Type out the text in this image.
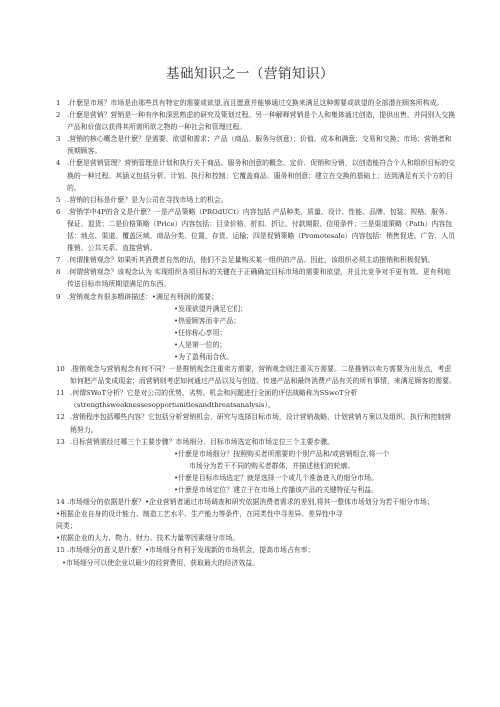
基础知识之一（营销知识）
1 .什麽是市场？市场是由那些具有特定的需要或欲望,而且愿意并能够通过交换来满足这种需要或欲望的全部潜在顾客所构成。

2 .什麽是营销？营销是一种有序和深思熟虑的研究及策划过程。另一种解释营销是个人和集体通过创造，提供出售，并同别人交换产品和价值以获得其所需所欲之物的一种社会和管理过程。

3 .营销的核心概念是什麽？是需要、欲望和需求；产品（商品、服务与创意）；价值、成本和满意；交易和交换；市场；营销者和预期顾客。

4 .什麽是营销管理？营销管理是计划和执行关于商品、服务和创意的概念、定价、促销和分销，以创造能符合个人和组织目标的交换的一种过程。其涵义包括分析、计划、执行和控制；它覆盖商品、服务和创意；建立在交换的基础上；达到满足有关个方的目的。

5 .营销的目标是什麽？是为公司在寻找市场上的机会。

6 .营销学中4P的含义是什麽？一是产品策略（PROdUCt）内容包括 产品种类、质量、设计、性能、品牌、包装、规格、服务、保证、退货；二是价格策略（Price）内容包括：目录价格、折扣、折让、付款期限、信用条件；三是渠道策略（Path）内容包括：地点、渠道、覆盖区域、商品分类、位置、存货、运输；四是促销策略（Promotesale）内容包括：销售促进、广告、人员推销、公共关系、直接营销。

7 .何谓推销观念？如果听其消费者自然的话，他们不会足量购买某一组织的产品。因此，该组织必须主动推销和积极促销。

8 .何谓营销观念？该观念认为 实现组织各项目标的关键在于正确确定目标市场的需要和欲望，并且比竞争对手更有效、更有利地传送目标市场所期望满足的东西。

9 .营销观念有很多精辟描述：•满足有利润的需要；

•发现欲望并满足它们；

•热爱顾客而非产品；

•任你称心享用；

•人是第一位的；

•为了盈利而合伙。

10 .推销观念与营销观念有何不同？一是推销观念注重卖方需要，营销观念则注重买方需要。二是推销以卖方需要为出发点，考虑如何把产品变成现金；而营销则考虑如何通过产品以及与创造、传递产品和最终消费产品有关的所有事情，来满足顾客的需要。

11 .何谓SWoT分析？它是对公司的优势、劣势、机会和问题进行全面的评估战略称为SSwoT分析（strengthsweaknessesopportunitiesandthreatsanalysis）。

12 .营销程序包括哪些内容？它包括分析营销机会，研究与选择目标市场，设计营销战略，计划营销方案以及组织、执行和控制营销努力。

13 .目标营销需经过哪三个主要步骤？市场细分、目标市场选定和市场定位三个主要步骤。

•什麽是市场细分？按照购买者所需要的个别产品和/或营销组合,将一个

市场分为若干不同的购买者群体，并描述他们的轮廓。

•什麽是目标市场选定？就是选择一个或几个准备进入的细分市场。

•什麽是市场定位？建立于在市场上传播该产品的关键特征与利益。

14 .市场细分的依据是什麽？•企业营销者通过市场调查和研究依据消费者需求的差别,将其一整体市场划分为若干细分市场；

•根据企业自身的设计能力、制造工艺水平、生产能力等条件，在同类性中寻差异、差异性中寻

同类；

•依据企业的人力、物力、财力、技术力量等因素细分市场。

15 .市场细分的意义是什麽？•市场细分有利于发现新的市场机会，提高市场占有率；

•市场细分可以使企业以最少的经营费用，获取最大的经济效益。
